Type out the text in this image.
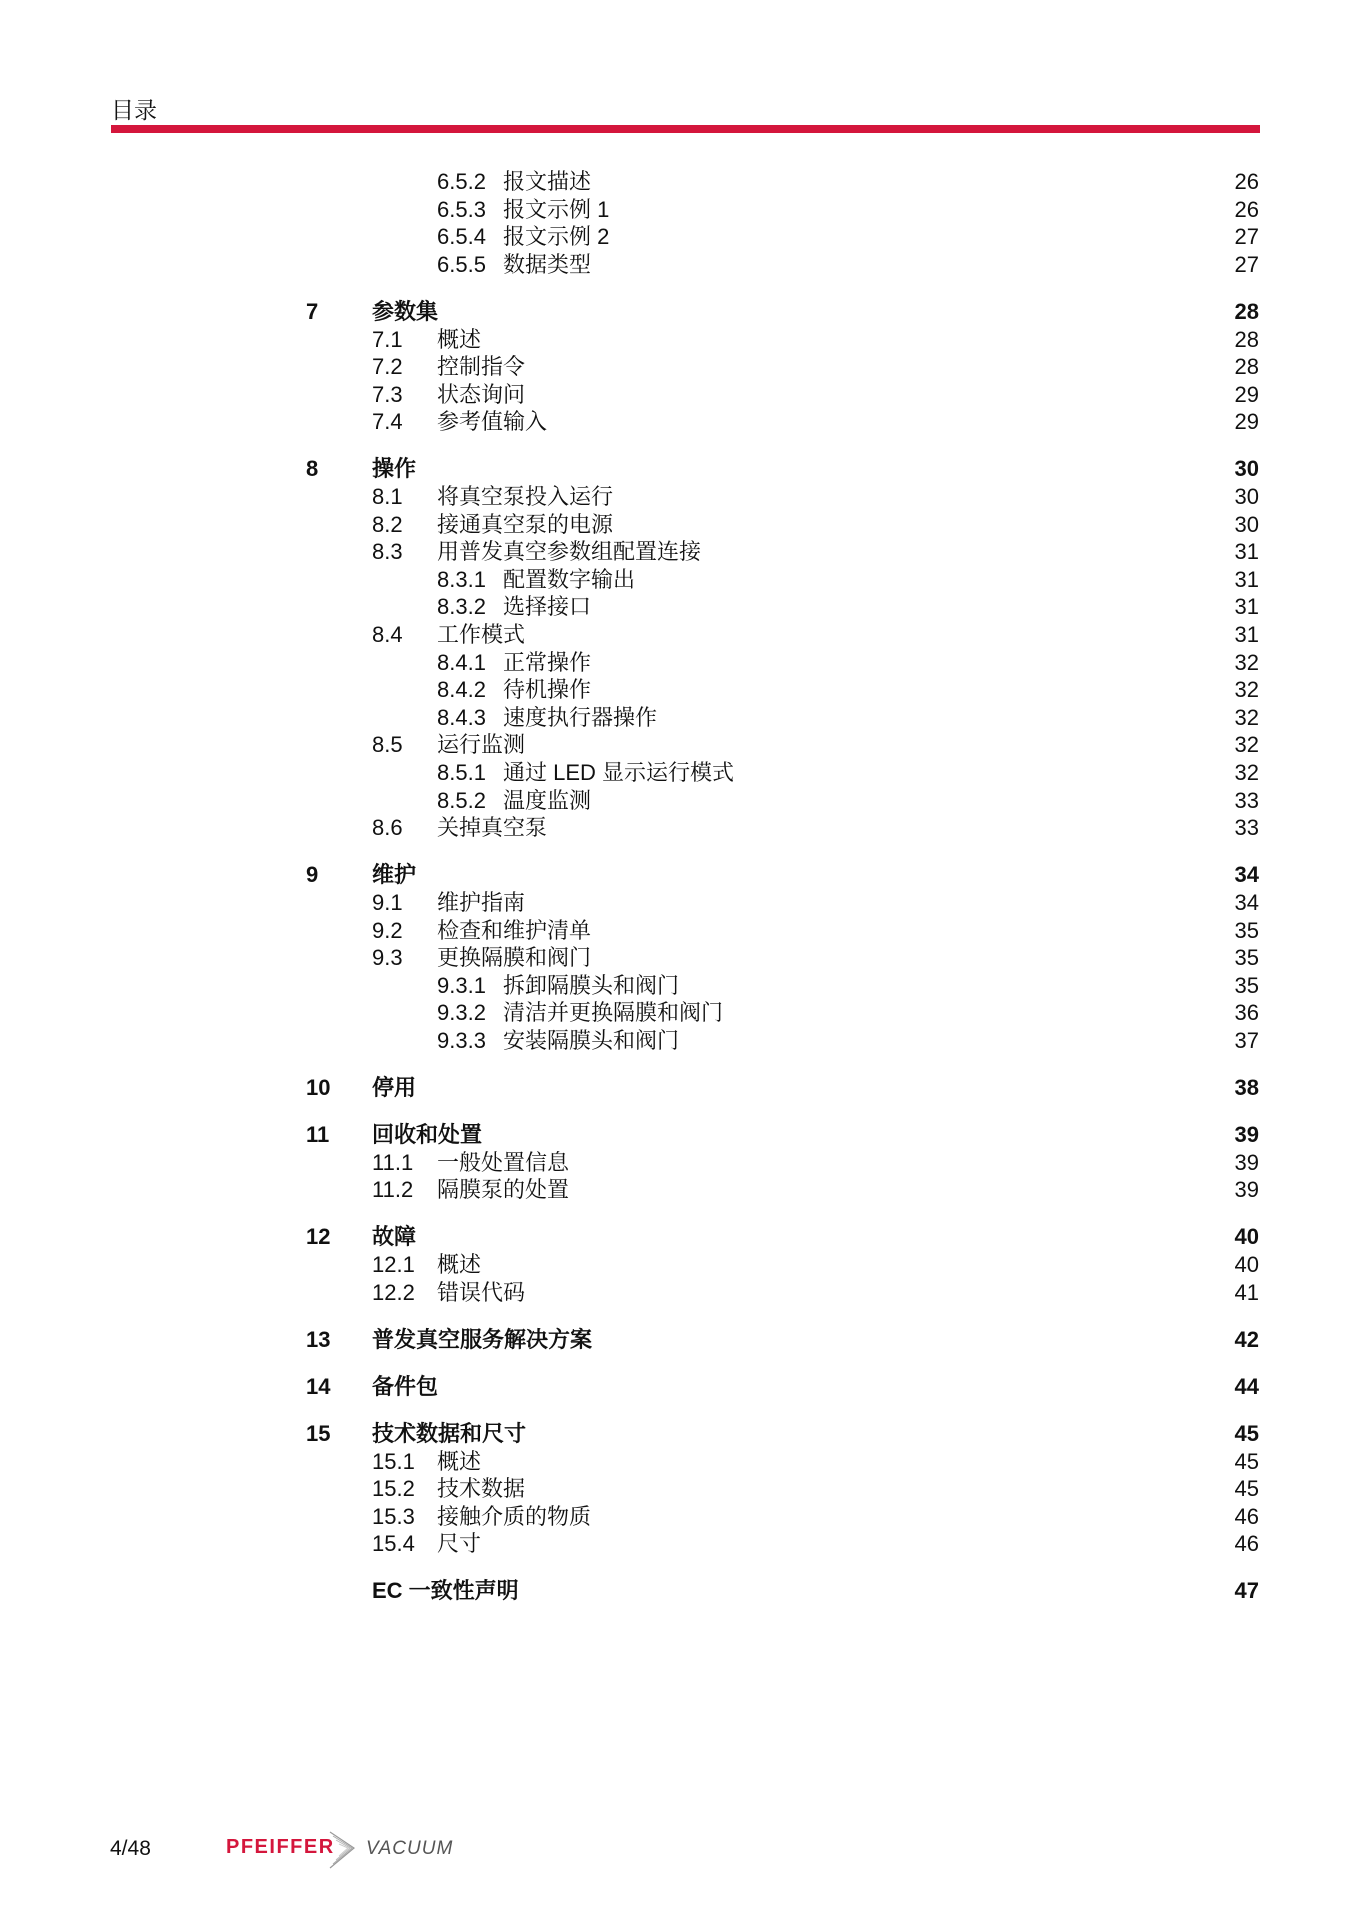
目录
6.5.2 报文描述	26
6.5.3 报文示例 1	26
6.5.4 报文示例 2	27
6.5.5 数据类型	27
7 参数集	28
7.1 概述	28
7.2 控制指令	28
7.3 状态询问	29
7.4 参考值输入	29
8 操作	30
8.1 将真空泵投入运行	30
8.2 接通真空泵的电源	30
8.3 用普发真空参数组配置连接	31
8.3.1 配置数字输出	31
8.3.2 选择接口	31
8.4 工作模式	31
8.4.1 正常操作	32
8.4.2 待机操作	32
8.4.3 速度执行器操作	32
8.5 运行监测	32
8.5.1 通过 LED 显示运行模式	32
8.5.2 温度监测	33
8.6 关掉真空泵	33
9 维护	34
9.1 维护指南	34
9.2 检查和维护清单	35
9.3 更换隔膜和阀门	35
9.3.1 拆卸隔膜头和阀门	35
9.3.2 清洁并更换隔膜和阀门	36
9.3.3 安装隔膜头和阀门	37
10 停用	38
11 回收和处置	39
11.1 一般处置信息	39
11.2 隔膜泵的处置	39
12 故障	40
12.1 概述	40
12.2 错误代码	41
13 普发真空服务解决方案	42
14 备件包	44
15 技术数据和尺寸	45
15.1 概述	45
15.2 技术数据	45
15.3 接触介质的物质	46
15.4 尺寸	46
EC 一致性声明	47
4/48	PFEIFFER VACUUM
